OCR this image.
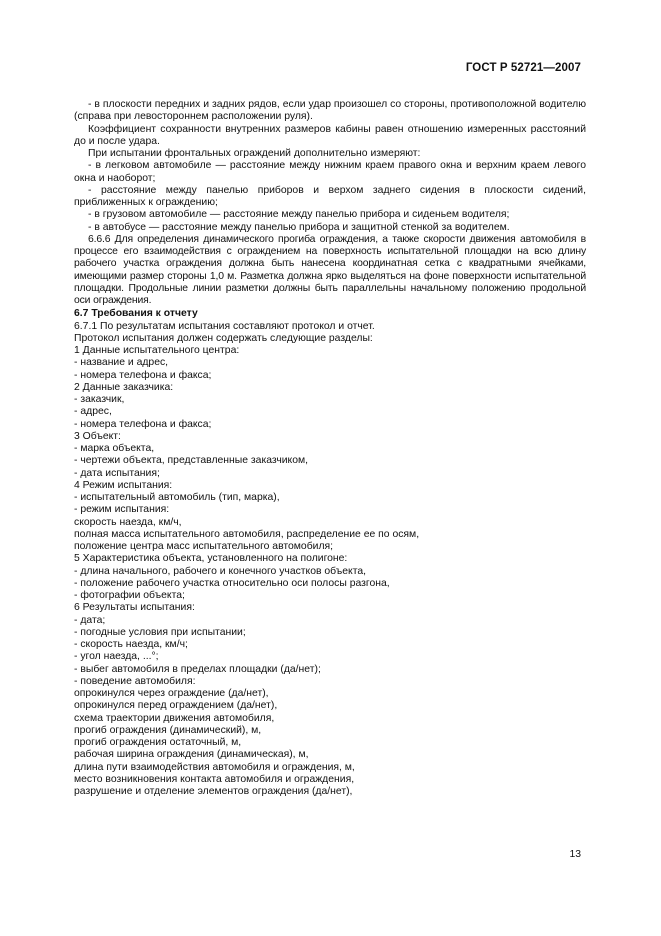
ГОСТ Р 52721—2007
- в плоскости передних и задних рядов, если удар произошел со стороны, противоположной водителю (справа при левостороннем расположении руля).
Коэффициент сохранности внутренних размеров кабины равен отношению измеренных расстояний до и после удара.
При испытании фронтальных ограждений дополнительно измеряют:
- в легковом автомобиле — расстояние между нижним краем правого окна и верхним краем левого окна и наоборот;
- расстояние между панелью приборов и верхом заднего сидения в плоскости сидений, приближенных к ограждению;
- в грузовом автомобиле — расстояние между панелью прибора и сиденьем водителя;
- в автобусе — расстояние между панелью прибора и защитной стенкой за водителем.
6.6.6 Для определения динамического прогиба ограждения, а также скорости движения автомобиля в процессе его взаимодействия с ограждением на поверхность испытательной площадки на всю длину рабочего участка ограждения должна быть нанесена координатная сетка с квадратными ячейками, имеющими размер стороны 1,0 м. Разметка должна ярко выделяться на фоне поверхности испытательной площадки. Продольные линии разметки должны быть параллельны начальному положению продольной оси ограждения.
6.7 Требования к отчету
6.7.1 По результатам испытания составляют протокол и отчет.
Протокол испытания должен содержать следующие разделы:
1 Данные испытательного центра:
- название и адрес,
- номера телефона и факса;
2 Данные заказчика:
- заказчик,
- адрес,
- номера телефона и факса;
3 Объект:
- марка объекта,
- чертежи объекта, представленные заказчиком,
- дата испытания;
4 Режим испытания:
- испытательный автомобиль (тип, марка),
- режим испытания:
скорость наезда, км/ч,
полная масса испытательного автомобиля, распределение ее по осям,
положение центра масс испытательного автомобиля;
5 Характеристика объекта, установленного на полигоне:
- длина начального, рабочего и конечного участков объекта,
- положение рабочего участка относительно оси полосы разгона,
- фотографии объекта;
6 Результаты испытания:
- дата;
- погодные условия при испытании;
- скорость наезда, км/ч;
- угол наезда, ...°;
- выбег автомобиля в пределах площадки (да/нет);
- поведение автомобиля:
опрокинулся через ограждение (да/нет),
опрокинулся перед ограждением (да/нет),
схема траектории движения автомобиля,
прогиб ограждения (динамический), м,
прогиб ограждения остаточный, м,
рабочая ширина ограждения (динамическая), м,
длина пути взаимодействия автомобиля и ограждения, м,
место возникновения контакта автомобиля и ограждения,
разрушение и отделение элементов ограждения (да/нет),
13
